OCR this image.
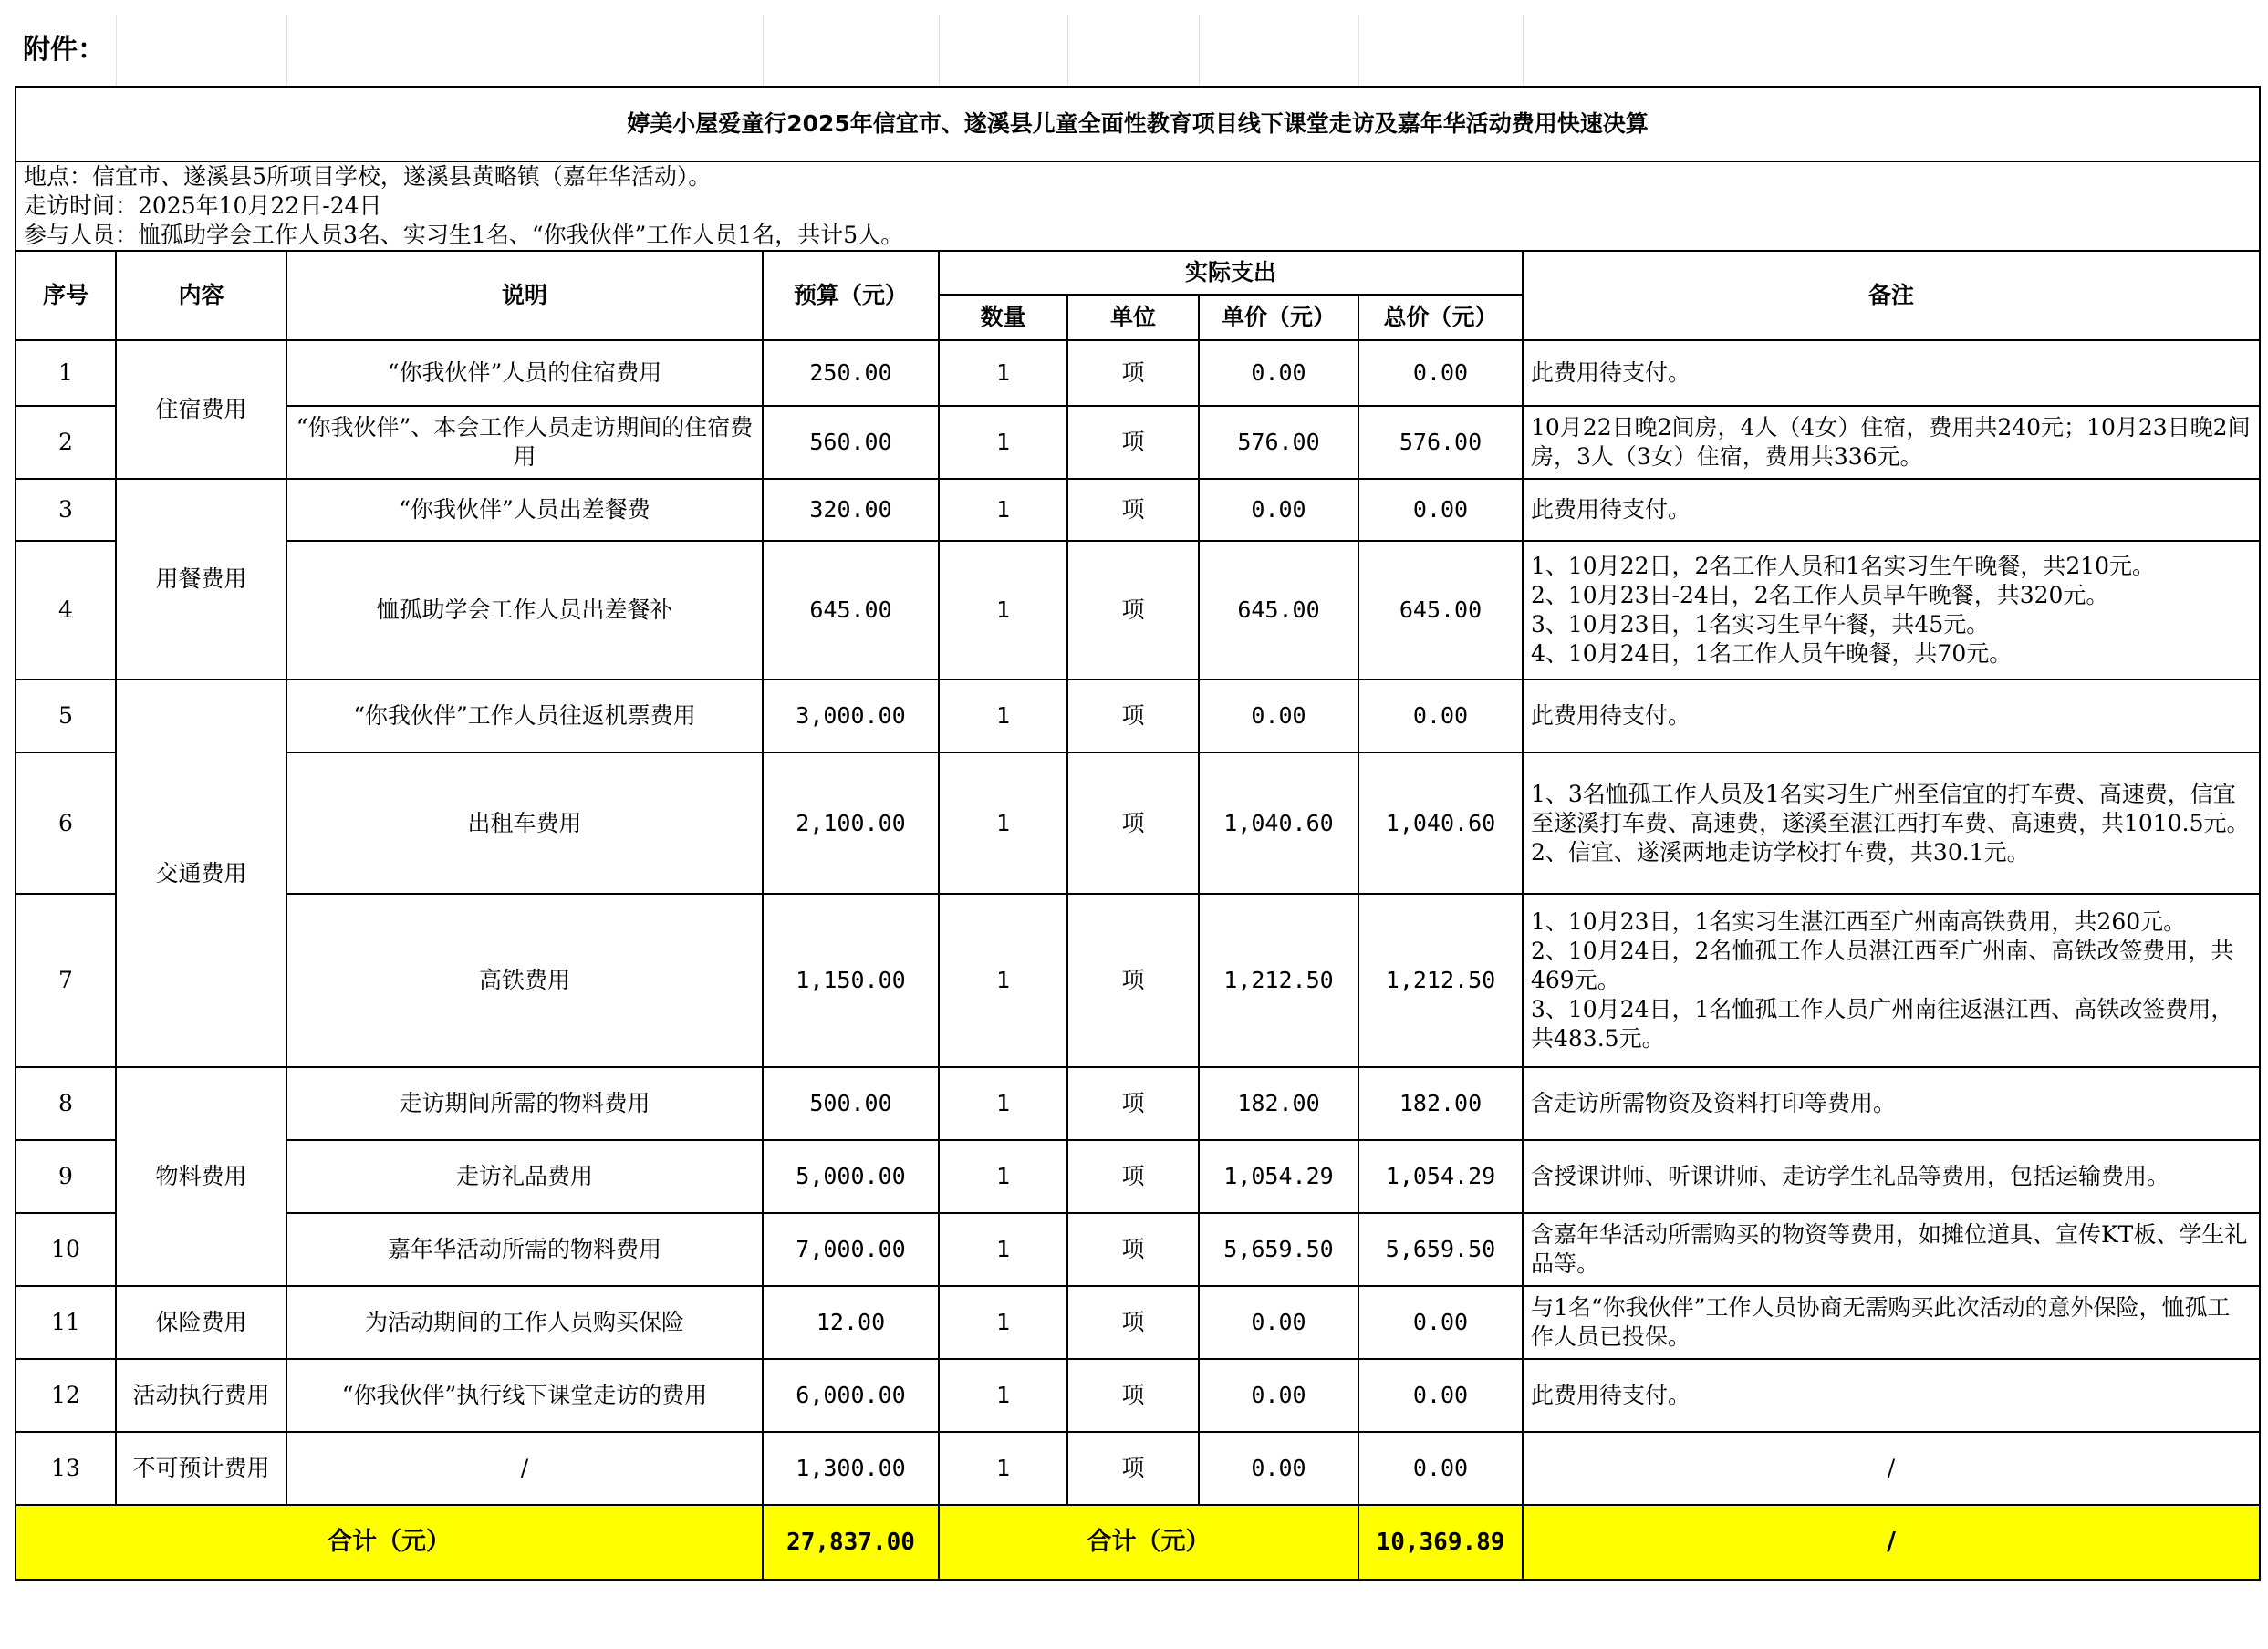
附件：								
婷美小屋爱童行2025年信宜市、遂溪县儿童全面性教育项目线下课堂走访及嘉年华活动费用快速决算								

地点：信宜市、遂溪县5所项目学校，遂溪县黄略镇（嘉年华活动）。
走访时间：2025年10月22日-24日
参与人员：恤孤助学会工作人员3名、实习生1名、“你我伙伴”工作人员1名，共计5人。								

序号	内容	说明	预算（元）	实际支出				备注
				数量	单位	单价（元）	总价（元）	
1	住宿费用	“你我伙伴”人员的住宿费用	250.00	1	项	0.00	0.00	此费用待支付。

2		“你我伙伴”、本会工作人员走访期间的住宿费用	560.00	1	项	576.00	576.00	10月22日晚2间房，4人（4女）住宿，费用共240元；10月23日晚2间房，3人（3女）住宿，费用共336元。

3	用餐费用	“你我伙伴”人员出差餐费	320.00	1	项	0.00	0.00	此费用待支付。

4		恤孤助学会工作人员出差餐补	645.00	1	项	645.00	645.00	1、10月22日，2名工作人员和1名实习生午晚餐，共210元。
2、10月23日-24日，2名工作人员早午晚餐，共320元。
3、10月23日，1名实习生早午餐，共45元。
4、10月24日，1名工作人员午晚餐，共70元。

5	交通费用	“你我伙伴”工作人员往返机票费用	3,000.00	1	项	0.00	0.00	此费用待支付。

6		出租车费用	2,100.00	1	项	1,040.60	1,040.60	1、3名恤孤工作人员及1名实习生广州至信宜的打车费、高速费，信宜至遂溪打车费、高速费，遂溪至湛江西打车费、高速费，共1010.5元。
2、信宜、遂溪两地走访学校打车费，共30.1元。

7		高铁费用	1,150.00	1	项	1,212.50	1,212.50	1、10月23日，1名实习生湛江西至广州南高铁费用，共260元。
2、10月24日，2名恤孤工作人员湛江西至广州南、高铁改签费用，共469元。
3、10月24日，1名恤孤工作人员广州南往返湛江西、高铁改签费用，共483.5元。

8	物料费用	走访期间所需的物料费用	500.00	1	项	182.00	182.00	含走访所需物资及资料打印等费用。

9		走访礼品费用	5,000.00	1	项	1,054.29	1,054.29	含授课讲师、听课讲师、走访学生礼品等费用，包括运输费用。

10		嘉年华活动所需的物料费用	7,000.00	1	项	5,659.50	5,659.50	含嘉年华活动所需购买的物资等费用，如摊位道具、宣传KT板、学生礼品等。

11	保险费用	为活动期间的工作人员购买保险	12.00	1	项	0.00	0.00	与1名“你我伙伴”工作人员协商无需购买此次活动的意外保险，恤孤工作人员已投保。

12	活动执行费用	“你我伙伴”执行线下课堂走访的费用	6,000.00	1	项	0.00	0.00	此费用待支付。

13	不可预计费用	/	1,300.00	1	项	0.00	0.00	/

合计（元）			27,837.00	合计（元）			10,369.89	/
